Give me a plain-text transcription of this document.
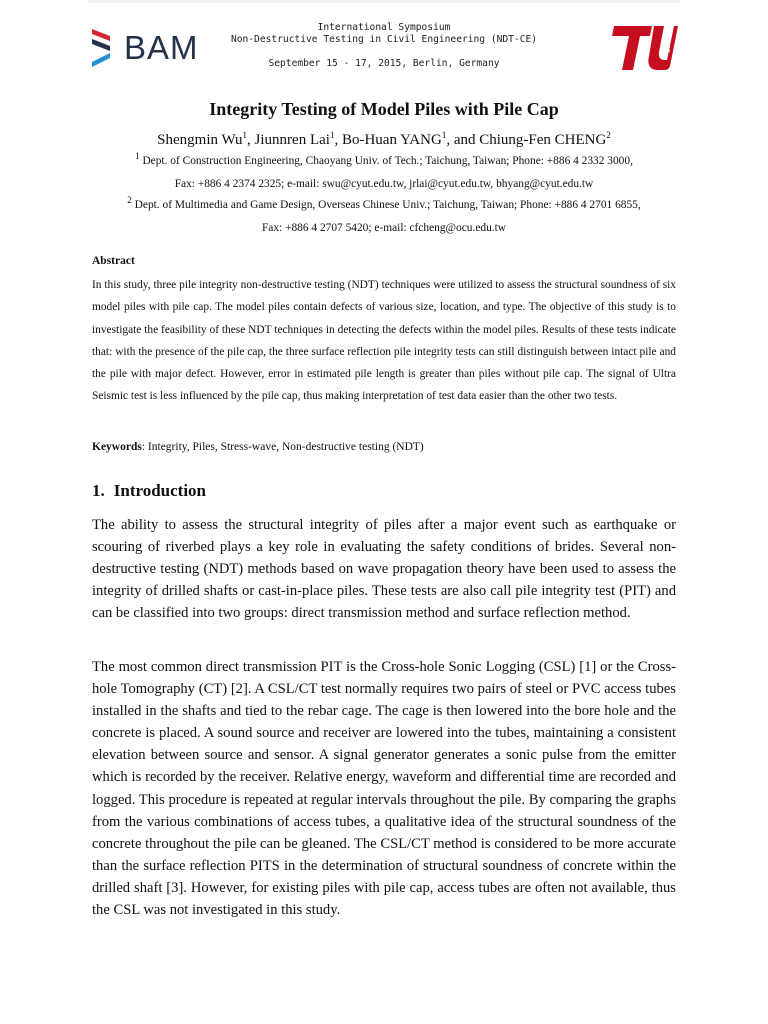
BAM
International Symposium
Non-Destructive Testing in Civil Engineering (NDT-CE)
September 15 - 17, 2015, Berlin, Germany
berlin
Integrity Testing of Model Piles with Pile Cap
Shengmin Wu$^1$, Jiunnren Lai$^1$, Bo-Huan YANG$^1$, and Chiung-Fen CHENG$^2$
$^1$ Dept. of Construction Engineering, Chaoyang Univ. of Tech.; Taichung, Taiwan; Phone: +886 4 2332 3000,
Fax: +886 4 2374 2325; e-mail: swu@cyut.edu.tw, jrlai@cyut.edu.tw, bhyang@cyut.edu.tw
$^2$ Dept. of Multimedia and Game Design, Overseas Chinese Univ.; Taichung, Taiwan; Phone: +886 4 2701 6855,
Fax: +886 4 2707 5420; e-mail: cfcheng@ocu.edu.tw
Abstract
In this study, three pile integrity non-destructive testing (NDT) techniques were utilized to assess the structural soundness of six model piles with pile cap. The model piles contain defects of various size, location, and type. The objective of this study is to investigate the feasibility of these NDT techniques in detecting the defects within the model piles. Results of these tests indicate that: with the presence of the pile cap, the three surface reflection pile integrity tests can still distinguish between intact pile and the pile with major defect. However, error in estimated pile length is greater than piles without pile cap. The signal of Ultra Seismic test is less influenced by the pile cap, thus making interpretation of test data easier than the other two tests.
Keywords: Integrity, Piles, Stress-wave, Non-destructive testing (NDT)
1. Introduction
The ability to assess the structural integrity of piles after a major event such as earthquake or scouring of riverbed plays a key role in evaluating the safety conditions of brides. Several non-destructive testing (NDT) methods based on wave propagation theory have been used to assess the integrity of drilled shafts or cast-in-place piles. These tests are also call pile integrity test (PIT) and can be classified into two groups: direct transmission method and surface reflection method.
The most common direct transmission PIT is the Cross-hole Sonic Logging (CSL) [1] or the Cross-hole Tomography (CT) [2]. A CSL/CT test normally requires two pairs of steel or PVC access tubes installed in the shafts and tied to the rebar cage. The cage is then lowered into the bore hole and the concrete is placed. A sound source and receiver are lowered into the tubes, maintaining a consistent elevation between source and sensor. A signal generator generates a sonic pulse from the emitter which is recorded by the receiver. Relative energy, waveform and differential time are recorded and logged. This procedure is repeated at regular intervals throughout the pile. By comparing the graphs from the various combinations of access tubes, a qualitative idea of the structural soundness of the concrete throughout the pile can be gleaned. The CSL/CT method is considered to be more accurate than the surface reflection PITS in the determination of structural soundness of concrete within the drilled shaft [3]. However, for existing piles with pile cap, access tubes are often not available, thus the CSL was not investigated in this study.
